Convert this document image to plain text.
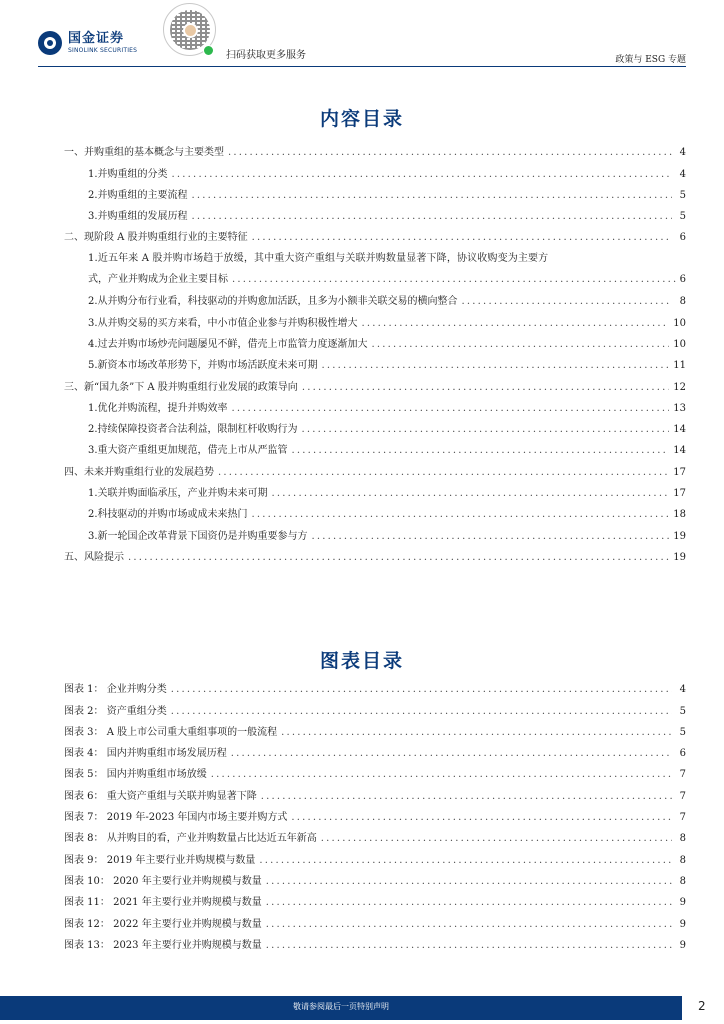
国金证券
SINOLINK SECURITIES	扫码获取更多服务	政策与 ESG 专题
内容目录
一、并购重组的基本概念与主要类型 .....	4
1.并购重组的分类 .....	4
2.并购重组的主要流程 .....	5
3.并购重组的发展历程 .....	5
二、现阶段 A 股并购重组行业的主要特征 .....	6
1.近五年来 A 股并购市场趋于放缓，其中重大资产重组与关联并购数量显著下降，协议收购变为主要方
式，产业并购成为企业主要目标 .....	6
2.从并购分布行业看，科技驱动的并购愈加活跃，且多为小额非关联交易的横向整合 .....	8
3.从并购交易的买方来看，中小市值企业参与并购积极性增大 .....	10
4.过去并购市场炒壳问题屡见不鲜，借壳上市监管力度逐渐加大 .....	10
5.新资本市场改革形势下，并购市场活跃度未来可期 .....	11
三、新“国九条”下 A 股并购重组行业发展的政策导向 .....	12
1.优化并购流程，提升并购效率 .....	13
2.持续保障投资者合法利益，限制杠杆收购行为 .....	14
3.重大资产重组更加规范，借壳上市从严监管 .....	14
四、未来并购重组行业的发展趋势 .....	17
1.关联并购面临承压，产业并购未来可期 .....	17
2.科技驱动的并购市场或成未来热门 .....	18
3.新一轮国企改革背景下国资仍是并购重要参与方 .....	19
五、风险提示 .....	19
图表目录
图表 1： 企业并购分类 .....	4
图表 2： 资产重组分类 .....	5
图表 3： A 股上市公司重大重组事项的一般流程 .....	5
图表 4： 国内并购重组市场发展历程 .....	6
图表 5： 国内并购重组市场放缓 .....	7
图表 6： 重大资产重组与关联并购显著下降 .....	7
图表 7： 2019 年-2023 年国内市场主要并购方式 .....	7
图表 8： 从并购目的看，产业并购数量占比达近五年新高 .....	8
图表 9： 2019 年主要行业并购规模与数量 .....	8
图表 10： 2020 年主要行业并购规模与数量 .....	8
图表 11： 2021 年主要行业并购规模与数量 .....	9
图表 12： 2022 年主要行业并购规模与数量 .....	9
图表 13： 2023 年主要行业并购规模与数量 .....	9
敬请参阅最后一页特别声明	2
